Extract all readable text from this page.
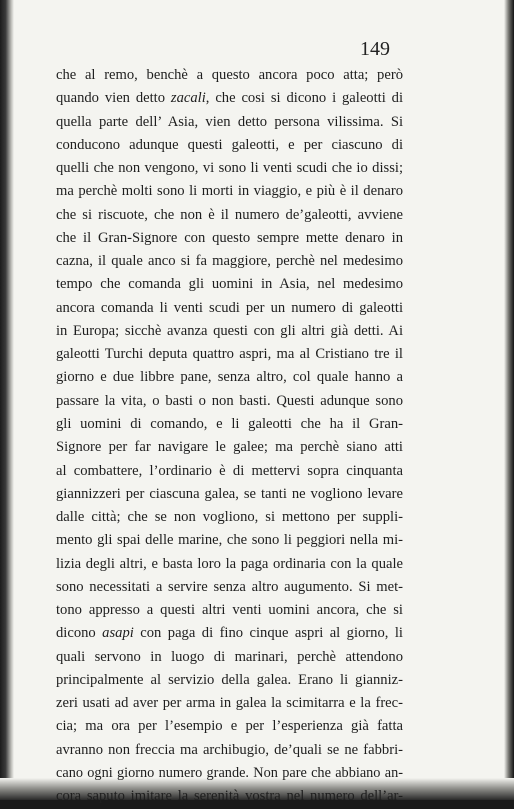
149
che al remo, benchè a questo ancora poco atta; però
quando vien detto zacali, che cosi si dicono i galeotti di
quella parte dell’ Asia, vien detto persona vilissima. Si
conducono adunque questi galeotti, e per ciascuno di
quelli che non vengono, vi sono li venti scudi che io dissi;
ma perchè molti sono li morti in viaggio, e più è il denaro
che si riscuote, che non è il numero de’galeotti, avviene
che il Gran-Signore con questo sempre mette denaro in
cazna, il quale anco si fa maggiore, perchè nel medesimo
tempo che comanda gli uomini in Asia, nel medesimo
ancora comanda li venti scudi per un numero di galeotti
in Europa; sicchè avanza questi con gli altri già detti. Ai
galeotti Turchi deputa quattro aspri, ma al Cristiano tre il
giorno e due libbre pane, senza altro, col quale hanno a
passare la vita, o basti o non basti. Questi adunque sono
gli uomini di comando, e li galeotti che ha il Gran-
Signore per far navigare le galee; ma perchè siano atti
al combattere, l’ordinario è di mettervi sopra cinquanta
giannizzeri per ciascuna galea, se tanti ne vogliono levare
dalle città; che se non vogliono, si mettono per suppli-
mento gli spai delle marine, che sono li peggiori nella mi-
lizia degli altri, e basta loro la paga ordinaria con la quale
sono necessitati a servire senza altro augumento. Si met-
tono appresso a questi altri venti uomini ancora, che si
dicono asapi con paga di fino cinque aspri al giorno, li
quali servono in luogo di marinari, perchè attendono
principalmente al servizio della galea. Erano li gianniz-
zeri usati ad aver per arma in galea la scimitarra e la frec-
cia; ma ora per l’esempio e per l’esperienza già fatta
avranno non freccia ma archibugio, de’quali se ne fabbri-
cano ogni giorno numero grande. Non pare che abbiano an-
cora saputo imitare la serenità vostra nel numero dell’ar-
